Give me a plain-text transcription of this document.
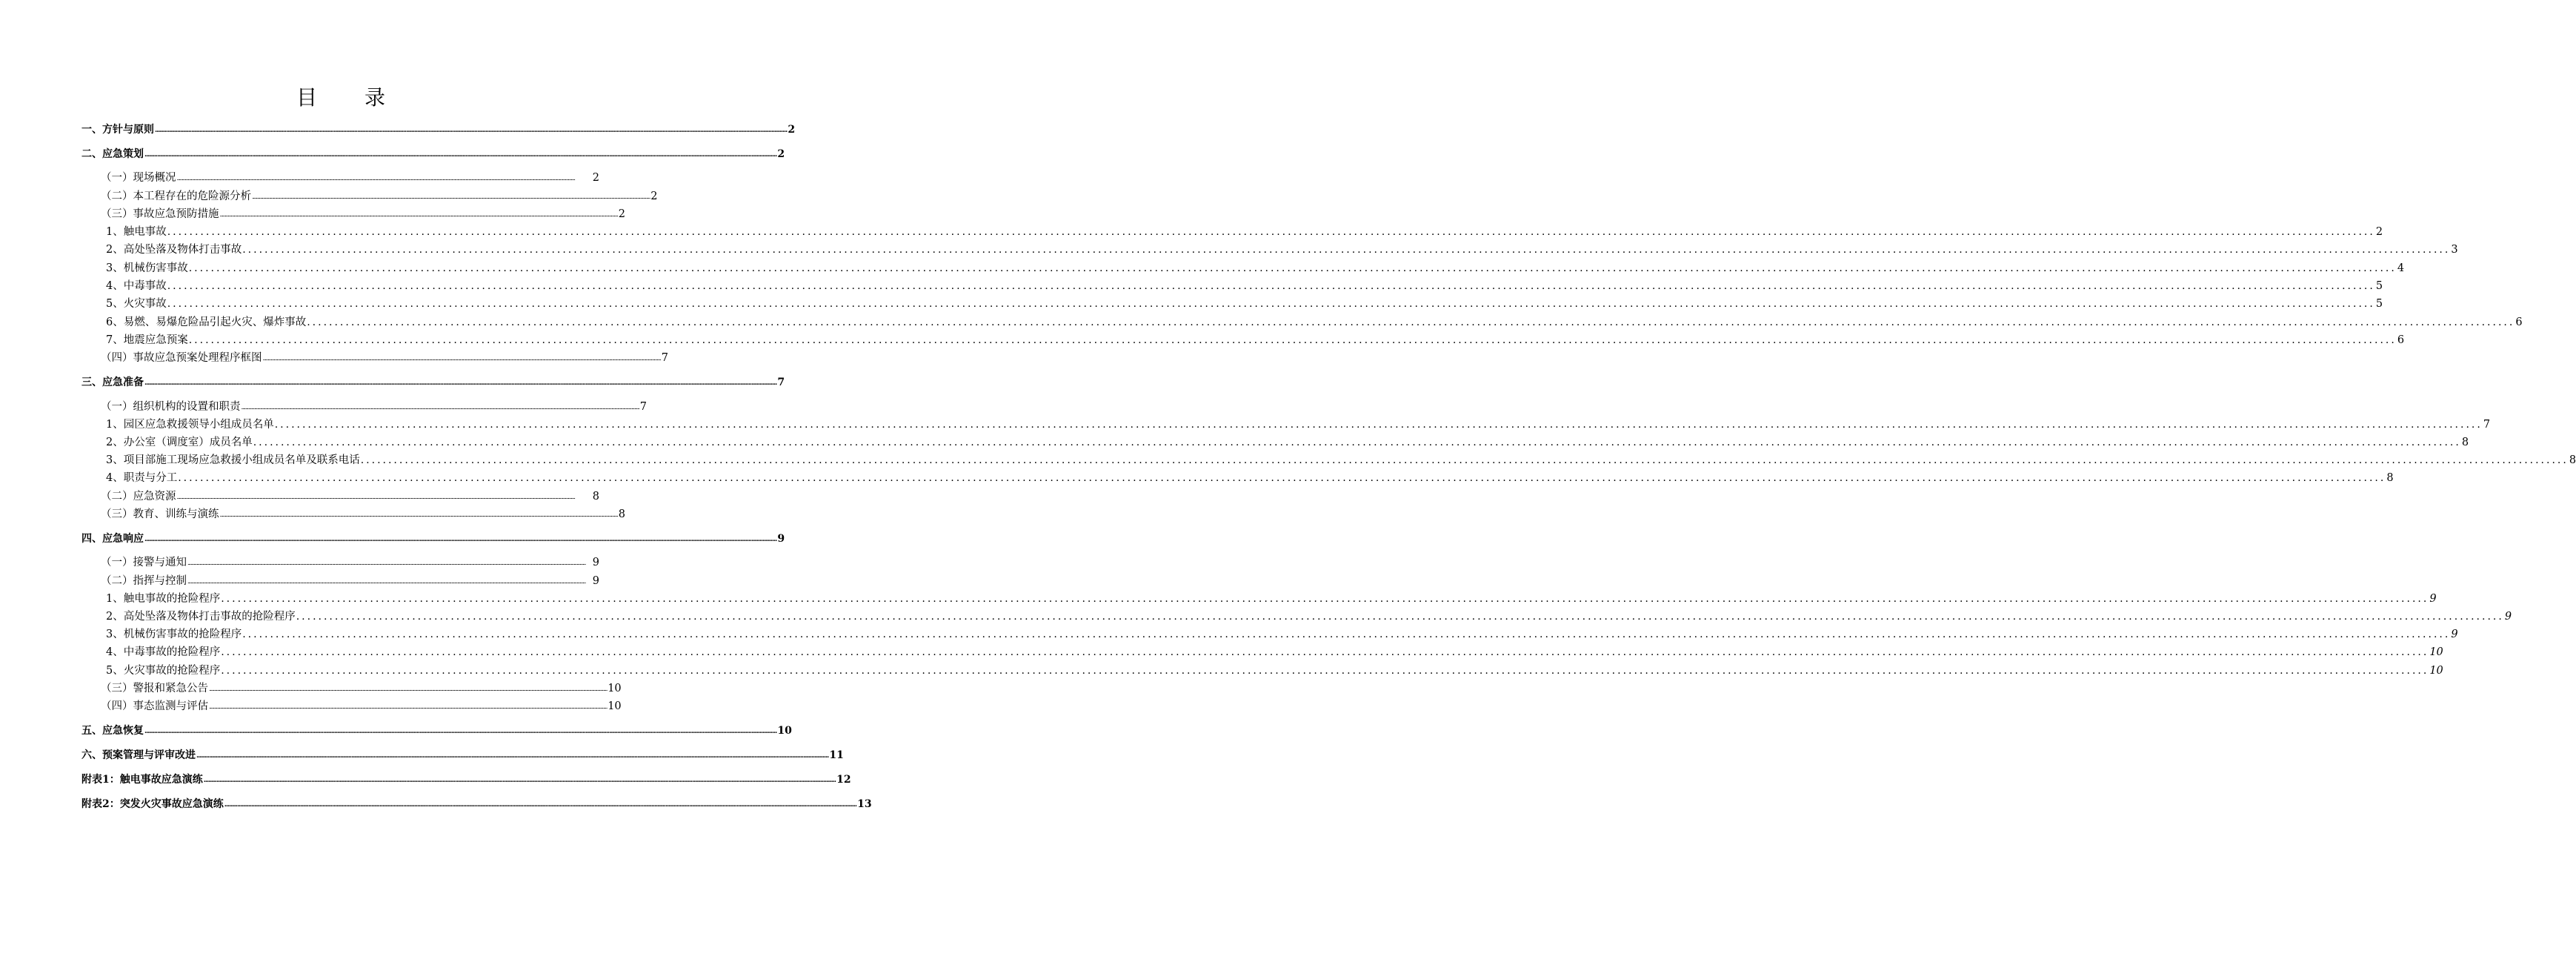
目　录
一、方针与原则 ................................................................................................................................................................................................................................................................................................................................................................................................................ 2
二、应急策划 ................................................................................................................................................................................................................................................................................................................................................................................................................ 2
（一）现场概况 ................................................................................................................................................................................................................................................................................................................................................................................................................	2
（二）本工程存在的危险源分析 ................................................................................................................................................................................................................................................................................................................................................................................................................ 2
（三）事故应急预防措施 ................................................................................................................................................................................................................................................................................................................................................................................................................ 2
1、触电事故 ................................................................................................................................................................................................................................................................................................................................................................................................................ 2
2、高处坠落及物体打击事故 ................................................................................................................................................................................................................................................................................................................................................................................................................ 3
3、机械伤害事故 ................................................................................................................................................................................................................................................................................................................................................................................................................ 4
4、中毒事故 ................................................................................................................................................................................................................................................................................................................................................................................................................ 5
5、火灾事故 ................................................................................................................................................................................................................................................................................................................................................................................................................ 5
6、易燃、易爆危险品引起火灾、爆炸事故 ................................................................................................................................................................................................................................................................................................................................................................................................................ 6
7、地震应急预案 ................................................................................................................................................................................................................................................................................................................................................................................................................ 6
（四）事故应急预案处理程序框图 ................................................................................................................................................................................................................................................................................................................................................................................................................ 7
三、应急准备 ................................................................................................................................................................................................................................................................................................................................................................................................................ 7
（一）组织机构的设置和职责 ................................................................................................................................................................................................................................................................................................................................................................................................................ 7
1、园区应急救援领导小组成员名单 ................................................................................................................................................................................................................................................................................................................................................................................................................ 7
2、办公室（调度室）成员名单 ................................................................................................................................................................................................................................................................................................................................................................................................................ 8
3、项目部施工现场应急救援小组成员名单及联系电话 ................................................................................................................................................................................................................................................................................................................................................................................................................ 8
4、职责与分工 ................................................................................................................................................................................................................................................................................................................................................................................................................ 8
（二）应急资源 ................................................................................................................................................................................................................................................................................................................................................................................................................	8
（三）教育、训练与演练 ................................................................................................................................................................................................................................................................................................................................................................................................................ 8
四、应急响应 ................................................................................................................................................................................................................................................................................................................................................................................................................ 9
（一）接警与通知 ................................................................................................................................................................................................................................................................................................................................................................................................................ 9
（二）指挥与控制 ................................................................................................................................................................................................................................................................................................................................................................................................................ 9
1、触电事故的抢险程序 ................................................................................................................................................................................................................................................................................................................................................................................................................ 9
2、高处坠落及物体打击事故的抢险程序 ................................................................................................................................................................................................................................................................................................................................................................................................................ 9
3、机械伤害事故的抢险程序 ................................................................................................................................................................................................................................................................................................................................................................................................................ 9
4、中毒事故的抢险程序 ................................................................................................................................................................................................................................................................................................................................................................................................................ 10
5、火灾事故的抢险程序 ................................................................................................................................................................................................................................................................................................................................................................................................................ 10
（三）警报和紧急公告 ................................................................................................................................................................................................................................................................................................................................................................................................................ 10
（四）事态监测与评估 ................................................................................................................................................................................................................................................................................................................................................................................................................ 10
五、应急恢复 ................................................................................................................................................................................................................................................................................................................................................................................................................ 10
六、预案管理与评审改进 ................................................................................................................................................................................................................................................................................................................................................................................................................ 11
附表1：触电事故应急演练 ................................................................................................................................................................................................................................................................................................................................................................................................................ 12
附表2：突发火灾事故应急演练 ................................................................................................................................................................................................................................................................................................................................................................................................................ 13
